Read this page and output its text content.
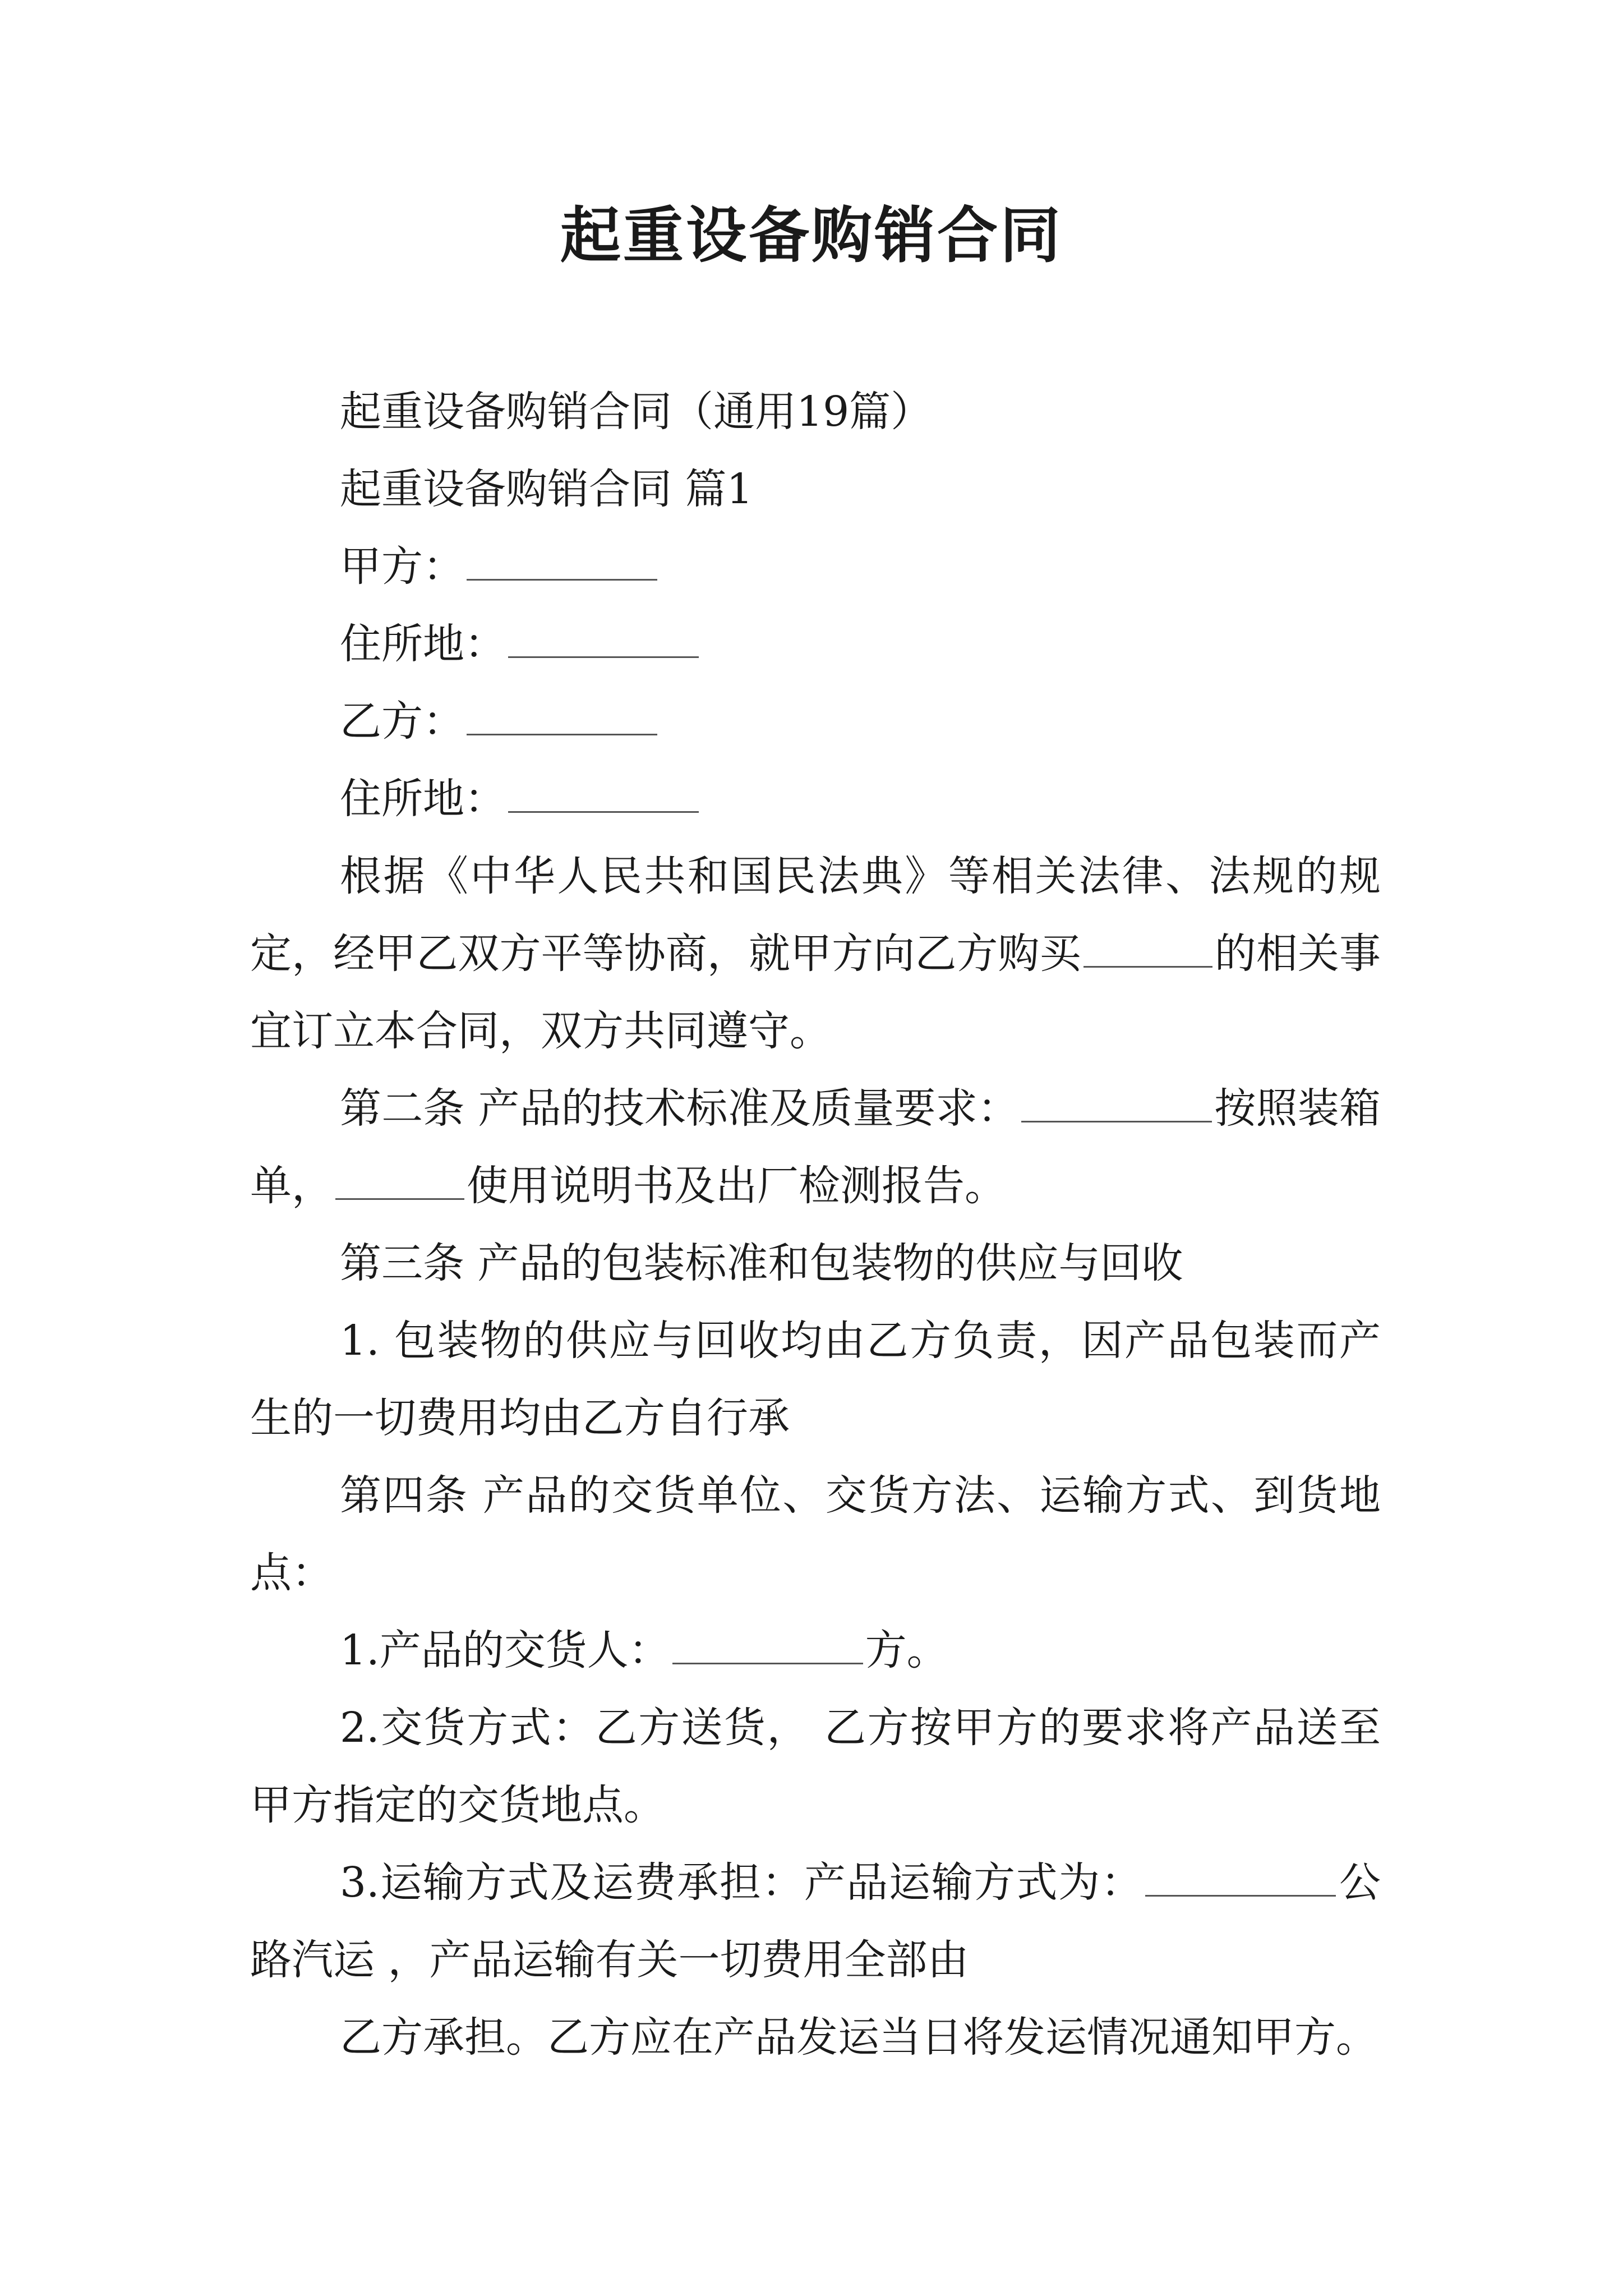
起重设备购销合同

起重设备购销合同（通用19篇）

起重设备购销合同 篇1

甲方：

住所地：

乙方：

住所地：

根据《中华人民共和国民法典》等相关法律、法规的规定，经甲乙双方平等协商，就甲方向乙方购买	的相关事宜订立本合同，双方共同遵守。

第二条 产品的技术标准及质量要求：	按照装箱单，	使用说明书及出厂检测报告。

第三条 产品的包装标准和包装物的供应与回收

1. 包装物的供应与回收均由乙方负责，因产品包装而产生的一切费用均由乙方自行承

第四条 产品的交货单位、交货方法、运输方式、到货地点：

1.产品的交货人：	方。

2.交货方式：乙方送货， 乙方按甲方的要求将产品送至甲方指定的交货地点。

3.运输方式及运费承担：产品运输方式为：	公路汽运 ，产品运输有关一切费用全部由

乙方承担。乙方应在产品发运当日将发运情况通知甲方。
